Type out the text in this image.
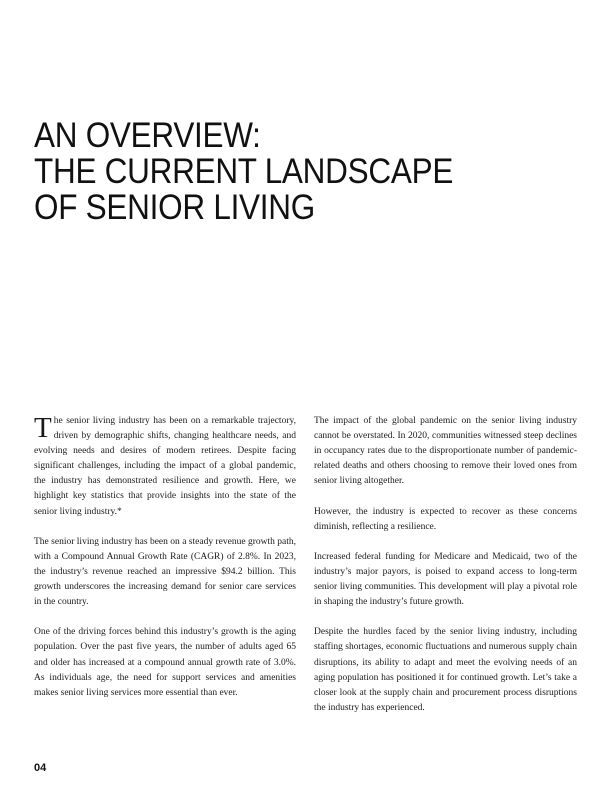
AN OVERVIEW:
THE CURRENT LANDSCAPE
OF SENIOR LIVING

The senior living industry has been on a remarkable trajectory, driven by demographic shifts, changing healthcare needs, and evolving needs and desires of modern retirees. Despite facing significant challenges, including the impact of a global pandemic, the industry has demonstrated resilience and growth. Here, we highlight key statistics that provide insights into the state of the senior living industry.*

The senior living industry has been on a steady revenue growth path, with a Compound Annual Growth Rate (CAGR) of 2.8%. In 2023, the industry’s revenue reached an impressive $94.2 billion. This growth underscores the increasing demand for senior care services in the country.

One of the driving forces behind this industry’s growth is the aging population. Over the past five years, the number of adults aged 65 and older has increased at a compound annual growth rate of 3.0%. As individuals age, the need for support services and amenities makes senior living services more essential than ever.

The impact of the global pandemic on the senior living industry cannot be overstated. In 2020, communities witnessed steep declines in occupancy rates due to the disproportionate number of pandemic-related deaths and others choosing to remove their loved ones from senior living altogether.

However, the industry is expected to recover as these concerns diminish, reflecting a resilience.

Increased federal funding for Medicare and Medicaid, two of the industry’s major payors, is poised to expand access to long-term senior living communities. This development will play a pivotal role in shaping the industry’s future growth.

Despite the hurdles faced by the senior living industry, including staffing shortages, economic fluctuations and numerous supply chain disruptions, its ability to adapt and meet the evolving needs of an aging population has positioned it for continued growth. Let’s take a closer look at the supply chain and procurement process disruptions the industry has experienced.

04
